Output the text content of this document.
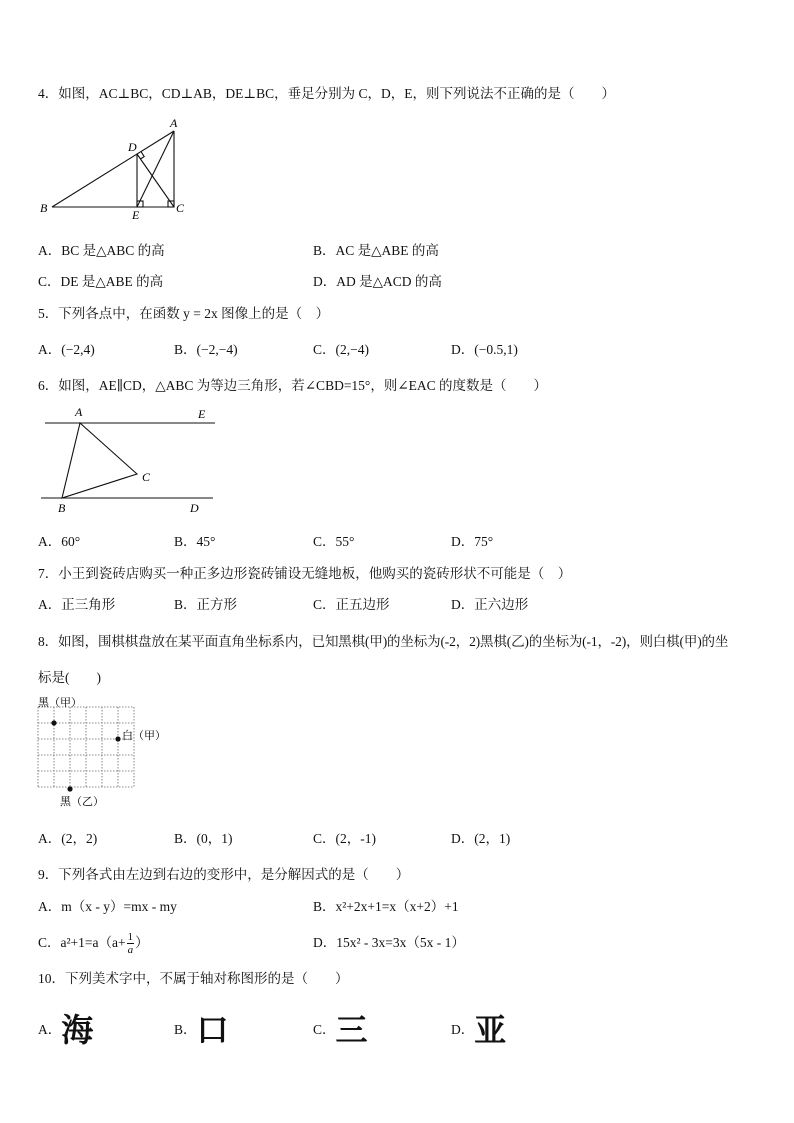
4．如图，AC⊥BC，CD⊥AB，DE⊥BC，垂足分别为 C，D，E，则下列说法不正确的是（　　）
A
B	C
D
E
A．BC 是△ABC 的高	B．AC 是△ABE 的高
C．DE 是△ABE 的高	D．AD 是△ACD 的高
5．下列各点中，在函数 y = 2x 图像上的是（　）
A．(−2,4)	B．(−2,−4)	C．(2,−4)	D．(−0.5,1)
6．如图，AE∥CD，△ABC 为等边三角形，若∠CBD=15°，则∠EAC 的度数是（　　）
A	E
C
B	D
A．60°	B．45°	C．55°	D．75°
7．小王到瓷砖店购买一种正多边形瓷砖铺设无缝地板，他购买的瓷砖形状不可能是（　）
A．正三角形	B．正方形	C．正五边形	D．正六边形
8．如图，围棋棋盘放在某平面直角坐标系内，已知黑棋(甲)的坐标为(-2，2)黑棋(乙)的坐标为(-1，-2)，则白棋(甲)的坐
标是(　　)
黑（甲）
白（甲）
黑（乙）
A．(2，2)	B．(0，1)	C．(2，-1)	D．(2，1)
9．下列各式由左边到右边的变形中，是分解因式的是（　　）
A．m（x - y）=mx - my	B．x²+2x+1=x（x+2）+1
C．$a^2+1=a(a+ \frac{1}{a}$ ）	D．15x² - 3x=3x（5x - 1）
10．下列美术字中，不属于轴对称图形的是（　　）
A．海	B．口	C．三	D．亚
